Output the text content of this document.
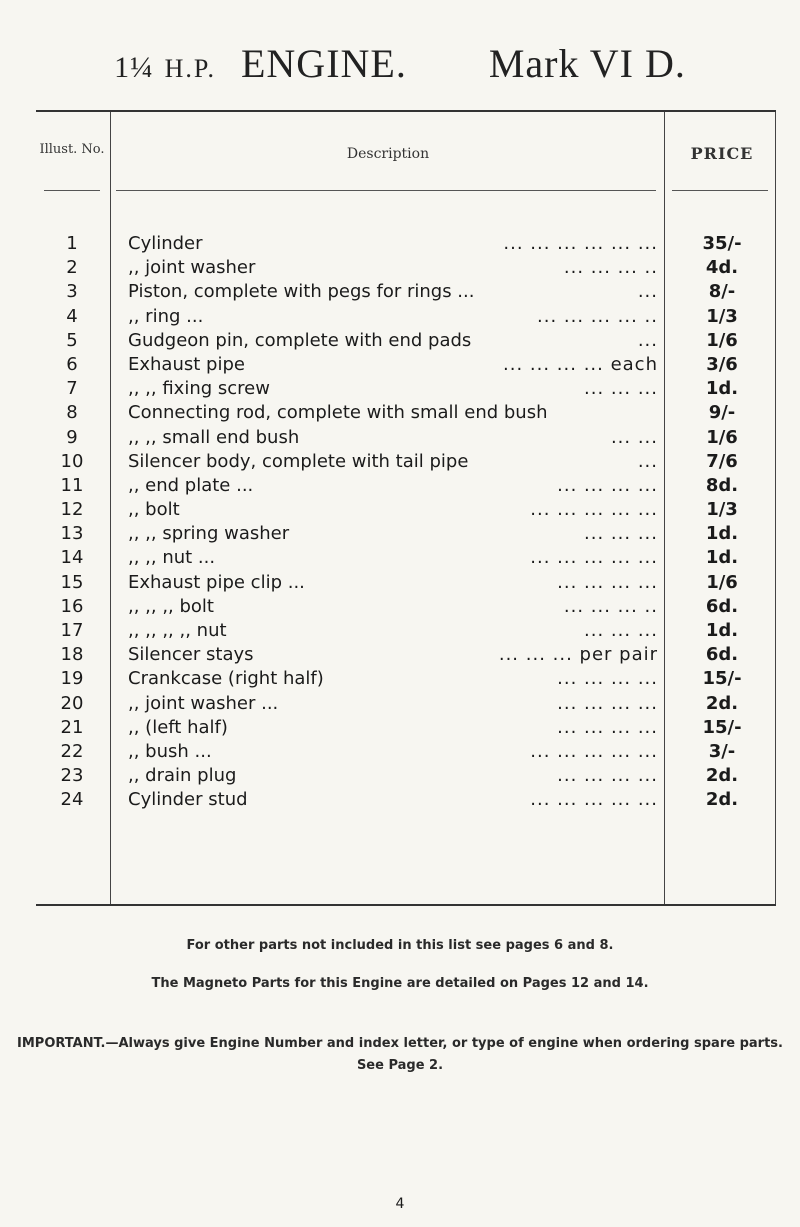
1¼ H.P. ENGINE. Mark VI D.
Illust. No.	Description	PRICE
1	Cylinder	... ... ... ... ... ...	35/-
2	,, joint washer	... ... ... ..	4d.
3	Piston, complete with pegs for rings ...	...	8/-
4	,, ring ...	... ... ... ... ..	1/3
5	Gudgeon pin, complete with end pads	...	1/6
6	Exhaust pipe	... ... ... ... each	3/6
7	,, ,, fixing screw	... ... ...	1d.
8	Connecting rod, complete with small end bush	9/-
9	,, ,, small end bush	... ...	1/6
10	Silencer body, complete with tail pipe	...	7/6
11	,, end plate ...	... ... ... ...	8d.
12	,, bolt	... ... ... ... ...	1/3
13	,, ,, spring washer	... ... ...	1d.
14	,, ,, nut ...	... ... ... ... ...	1d.
15	Exhaust pipe clip ...	... ... ... ...	1/6
16	,, ,, ,, bolt	... ... ... ..	6d.
17	,, ,, ,, ,, nut	... ... ...	1d.
18	Silencer stays	... ... ... per pair	6d.
19	Crankcase (right half)	... ... ... ...	15/-
20	,, joint washer ...	... ... ... ...	2d.
21	,, (left half)	... ... ... ...	15/-
22	,, bush ...	... ... ... ... ...	3/-
23	,, drain plug	... ... ... ...	2d.
24	Cylinder stud	... ... ... ... ...	2d.
For other parts not included in this list see pages 6 and 8.
The Magneto Parts for this Engine are detailed on Pages 12 and 14.
IMPORTANT.—Always give Engine Number and index letter, or type of engine when ordering spare parts. See Page 2.
4
